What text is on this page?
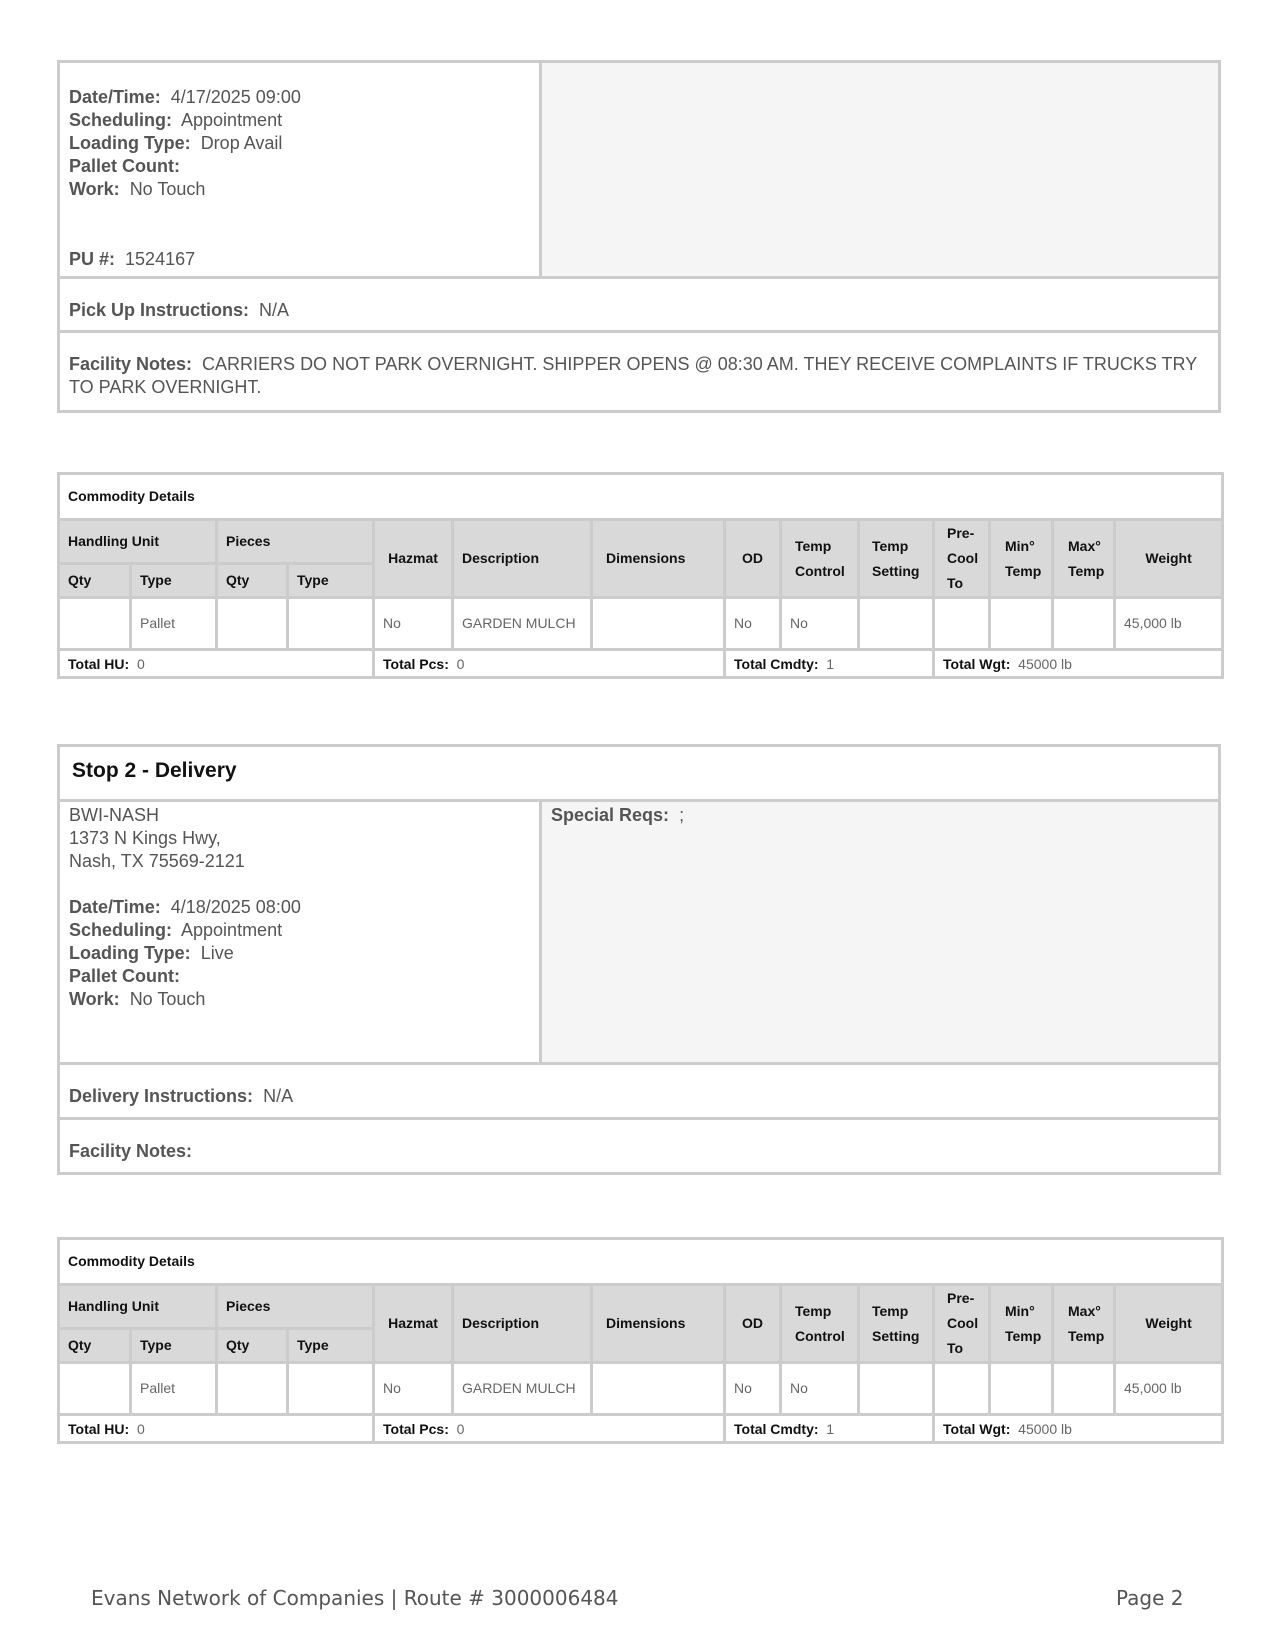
Date/Time: 4/17/2025 09:00
Scheduling: Appointment
Loading Type: Drop Avail
Pallet Count:
Work: No Touch
PU #: 1524167
Pick Up Instructions: N/A
Facility Notes: CARRIERS DO NOT PARK OVERNIGHT. SHIPPER OPENS @ 08:30 AM. THEY RECEIVE COMPLAINTS IF TRUCKS TRY TO PARK OVERNIGHT.
Commodity Details													
Handling Unit		Pieces		Hazmat	Description	Dimensions	OD	Temp Control	Temp Setting	Pre-Cool To	Min° Temp	Max° Temp	Weight
Qty	Type	Qty	Type										
	Pallet			No	GARDEN MULCH		No	No					45,000 lb
Total HU: 0				Total Pcs: 0			Total Cmdty: 1			Total Wgt: 45000 lb			
Stop 2 - Delivery
BWI-NASH
1373 N Kings Hwy,
Nash, TX 75569-2121
Date/Time: 4/18/2025 08:00
Scheduling: Appointment
Loading Type: Live
Pallet Count:
Work: No Touch
Special Reqs: ;
Delivery Instructions: N/A
Facility Notes:
Commodity Details													
Handling Unit		Pieces		Hazmat	Description	Dimensions	OD	Temp Control	Temp Setting	Pre-Cool To	Min° Temp	Max° Temp	Weight
Qty	Type	Qty	Type										
	Pallet			No	GARDEN MULCH		No	No					45,000 lb
Total HU: 0				Total Pcs: 0			Total Cmdty: 1			Total Wgt: 45000 lb			
Evans Network of Companies | Route # 3000006484	Page 2
